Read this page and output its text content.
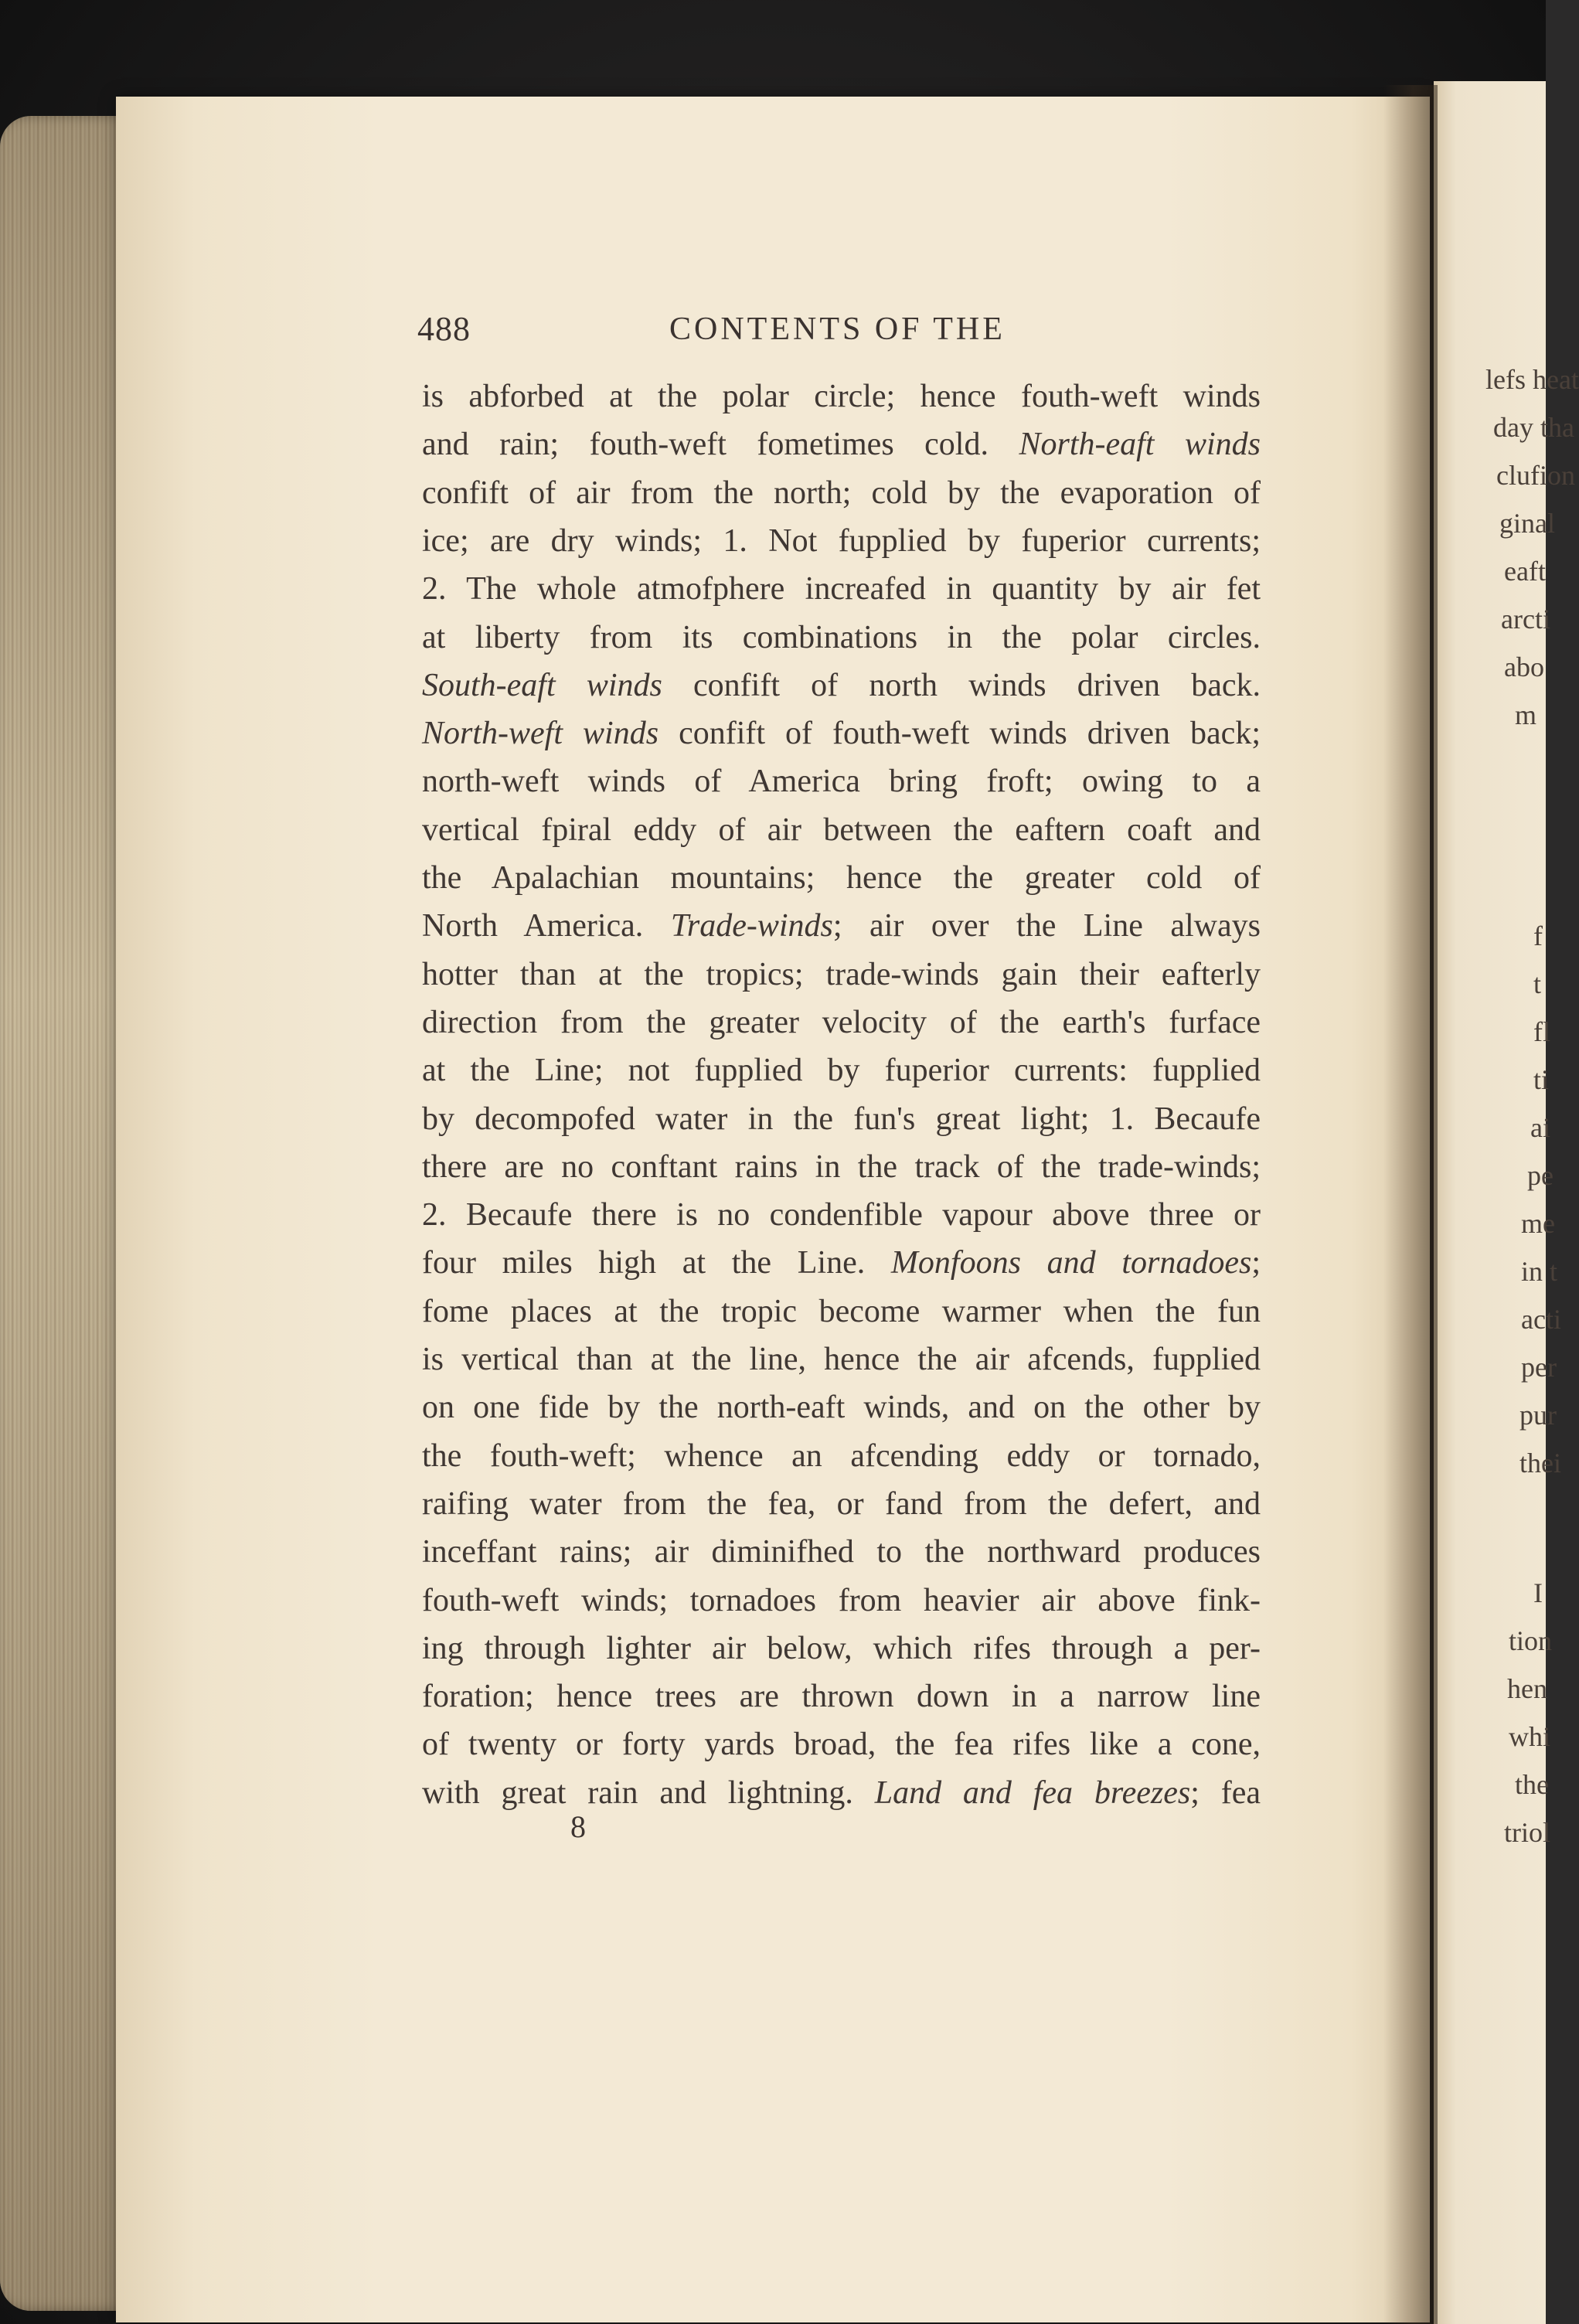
488	CONTENTS OF THE
is abforbed at the polar circle; hence fouth-weft winds
and rain; fouth-weft fometimes cold. North-eaft winds
confift of air from the north; cold by the evaporation of
ice; are dry winds; 1. Not fupplied by fuperior currents;
2. The whole atmofphere increafed in quantity by air fet
at liberty from its combinations in the polar circles.
South-eaft winds confift of north winds driven back.
North-weft winds confift of fouth-weft winds driven back;
north-weft winds of America bring froft; owing to a
vertical fpiral eddy of air between the eaftern coaft and
the Apalachian mountains; hence the greater cold of
North America. Trade-winds; air over the Line always
hotter than at the tropics; trade-winds gain their eafterly
direction from the greater velocity of the earth's furface
at the Line; not fupplied by fuperior currents: fupplied
by decompofed water in the fun's great light; 1. Becaufe
there are no conftant rains in the track of the trade-winds;
2. Becaufe there is no condenfible vapour above three or
four miles high at the Line. Monfoons and tornadoes;
fome places at the tropic become warmer when the fun
is vertical than at the line, hence the air afcends, fupplied
on one fide by the north-eaft winds, and on the other by
the fouth-weft; whence an afcending eddy or tornado,
raifing water from the fea, or fand from the defert, and
inceffant rains; air diminifhed to the northward produces
fouth-weft winds; tornadoes from heavier air above fink-
ing through lighter air below, which rifes through a per-
foration; hence trees are thrown down in a narrow line
of twenty or forty yards broad, the fea rifes like a cone,
with great rain and lightning. Land and fea breezes; fea
8
lefs heat
day tha
clufion
ginal
eaft
arcti
abo
m
f
t
fl
ti
ai
pe
me
in t
acti
per
pur
thei
I
tion
hen
whi
the
triol
